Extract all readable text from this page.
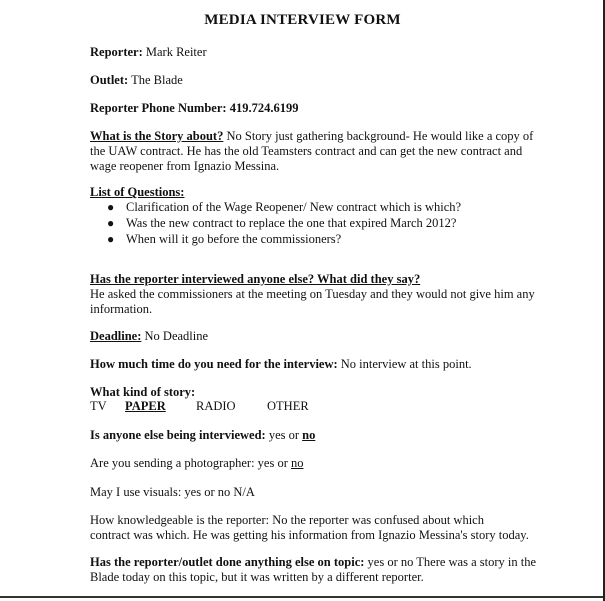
MEDIA INTERVIEW FORM
Reporter: Mark Reiter
Outlet: The Blade
Reporter Phone Number: 419.724.6199
What is the Story about? No Story just gathering background- He would like a copy of
the UAW contract. He has the old Teamsters contract and can get the new contract and
wage reopener from Ignazio Messina.
List of Questions:
● Clarification of the Wage Reopener/ New contract which is which?
● Was the new contract to replace the one that expired March 2012?
● When will it go before the commissioners?
Has the reporter interviewed anyone else? What did they say?
He asked the commissioners at the meeting on Tuesday and they would not give him any
information.
Deadline: No Deadline
How much time do you need for the interview: No interview at this point.
What kind of story:
TV PAPER RADIO	OTHER
Is anyone else being interviewed: yes or no
Are you sending a photographer: yes or no
May I use visuals: yes or no N/A
How knowledgeable is the reporter: No the reporter was confused about which
contract was which. He was getting his information from Ignazio Messina's story today.
Has the reporter/outlet done anything else on topic: yes or no There was a story in the
Blade today on this topic, but it was written by a different reporter.
